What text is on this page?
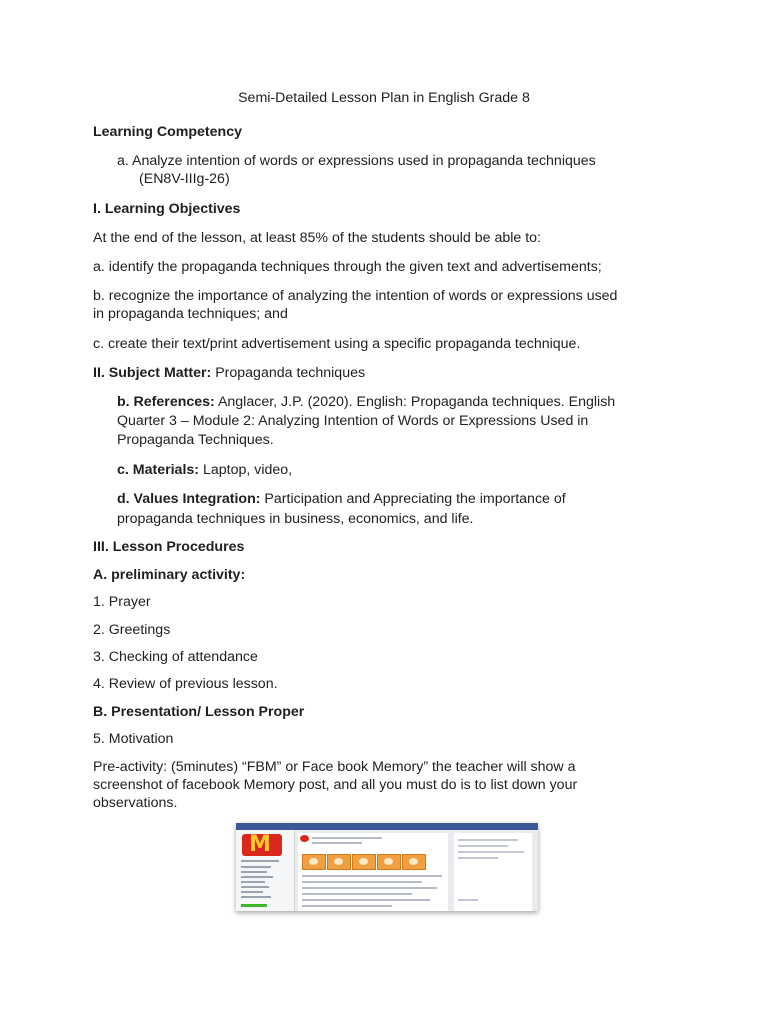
Semi-Detailed Lesson Plan in English Grade 8

Learning Competency

a. Analyze intention of words or expressions used in propaganda techniques

(EN8V-IIIg-26)

I. Learning Objectives

At the end of the lesson, at least 85% of the students should be able to:

a. identify the propaganda techniques through the given text and advertisements;

b. recognize the importance of analyzing the intention of words or expressions used

in propaganda techniques; and

c. create their text/print advertisement using a specific propaganda technique.

II. Subject Matter: Propaganda techniques

b. References: Anglacer, J.P. (2020). English: Propaganda techniques. English

Quarter 3 – Module 2: Analyzing Intention of Words or Expressions Used in

Propaganda Techniques.

c. Materials: Laptop, video,

d. Values Integration: Participation and Appreciating the importance of

propaganda techniques in business, economics, and life.

III. Lesson Procedures

A. preliminary activity:

1. Prayer

2. Greetings

3. Checking of attendance

4. Review of previous lesson.

B. Presentation/ Lesson Proper

5. Motivation

Pre-activity: (5minutes) “FBM” or Face book Memory” the teacher will show a

screenshot of facebook Memory post, and all you must do is to list down your

observations.

M
